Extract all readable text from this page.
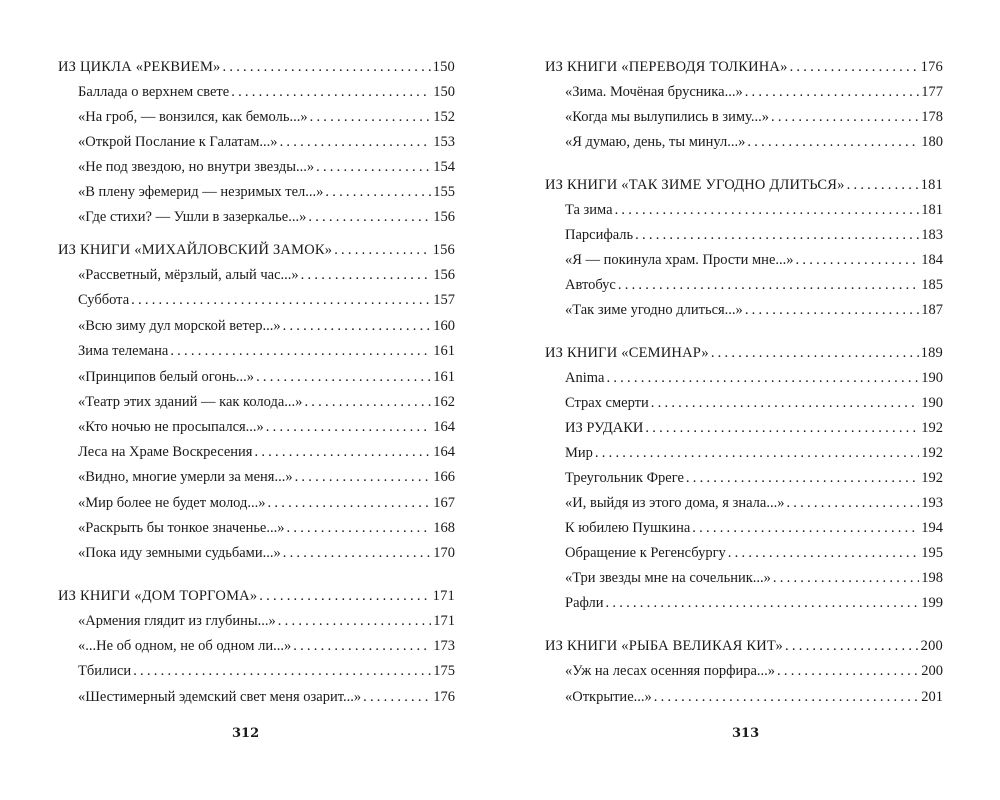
ИЗ ЦИКЛА «РЕКВИЕМ» . . .	150
Баллада о верхнем свете . . .	150
«На гроб, — вонзился, как бемоль...» . . .	152
«Открой Послание к Галатам...» . . .	153
«Не под звездою, но внутри звезды...» . . .	154
«В плену эфемерид — незримых тел...» . . .	155
«Где стихи? — Ушли в зазеркалье...» . . .	156
ИЗ КНИГИ «МИХАЙЛОВСКИЙ ЗАМОК» . . .	156
«Рассветный, мёрзлый, алый час...» . . .	156
Суббота . . .	157
«Всю зиму дул морской ветер...» . . .	160
Зима телемана . . .	161
«Принципов белый огонь...» . . .	161
«Театр этих зданий — как колода...» . . .	162
«Кто ночью не просыпался...» . . .	164
Леса на Храме Воскресения . . .	164
«Видно, многие умерли за меня...» . . .	166
«Мир более не будет молод...» . . .	167
«Раскрыть бы тонкое значенье...» . . .	168
«Пока иду земными судьбами...» . . .	170
ИЗ КНИГИ «ДОМ ТОРГОМА» . . .	171
«Армения глядит из глубины...» . . .	171
«...Не об одном, не об одном ли...» . . .	173
Тбилиси . . .	175
«Шестимерный эдемский свет меня озарит...» . . .	176
312
ИЗ КНИГИ «ПЕРЕВОДЯ ТОЛКИНА» . . .	176
«Зима. Мочёная брусника...» . . .	177
«Когда мы вылупились в зиму...» . . .	178
«Я думаю, день, ты минул...» . . .	180
ИЗ КНИГИ «ТАК ЗИМЕ УГОДНО ДЛИТЬСЯ» . . .	181
Та зима . . .	181
Парсифаль . . .	183
«Я — покинула храм. Прости мне...» . . .	184
Автобус . . .	185
«Так зиме угодно длиться...» . . .	187
ИЗ КНИГИ «СЕМИНАР» . . .	189
Anima . . .	190
Страх смерти . . .	190
ИЗ РУДАКИ . . .	192
Мир . . .	192
Треугольник Фреге . . .	192
«И, выйдя из этого дома, я знала...» . . .	193
К юбилею Пушкина . . .	194
Обращение к Регенсбургу . . .	195
«Три звезды мне на сочельник...» . . .	198
Рафли . . .	199
ИЗ КНИГИ «РЫБА ВЕЛИКАЯ КИТ» . . .	200
«Уж на лесах осенняя порфира...» . . .	200
«Открытие...» . . .	201
313
